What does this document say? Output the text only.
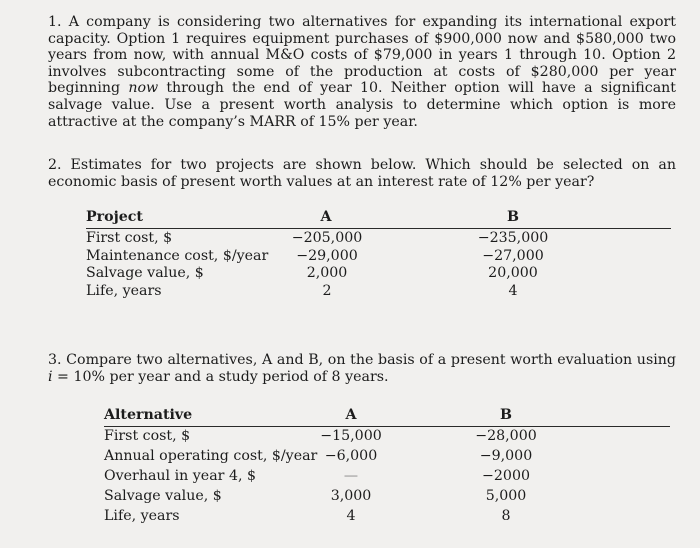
1. A company is considering two alternatives for expanding its international export capacity. Option 1 requires equipment purchases of $900,000 now and $580,000 two years from now, with annual M&O costs of $79,000 in years 1 through 10. Option 2 involves subcontracting some of the production at costs of $280,000 per year beginning now through the end of year 10. Neither option will have a significant salvage value. Use a present worth analysis to determine which option is more attractive at the company’s MARR of 15% per year.

2. Estimates for two projects are shown below. Which should be selected on an economic basis of present worth values at an interest rate of 12% per year?

Project	A	B
First cost, $	−205,000	−235,000
Maintenance cost, $/year	−29,000	−27,000
Salvage value, $	2,000	20,000
Life, years	2	4

3. Compare two alternatives, A and B, on the basis of a present worth evaluation using i = 10% per year and a study period of 8 years.

Alternative	A	B
First cost, $	−15,000	−28,000
Annual operating cost, $/year −6,000	−9,000
Overhaul in year 4, $	—	−2000
Salvage value, $	3,000	5,000
Life, years	4	8
